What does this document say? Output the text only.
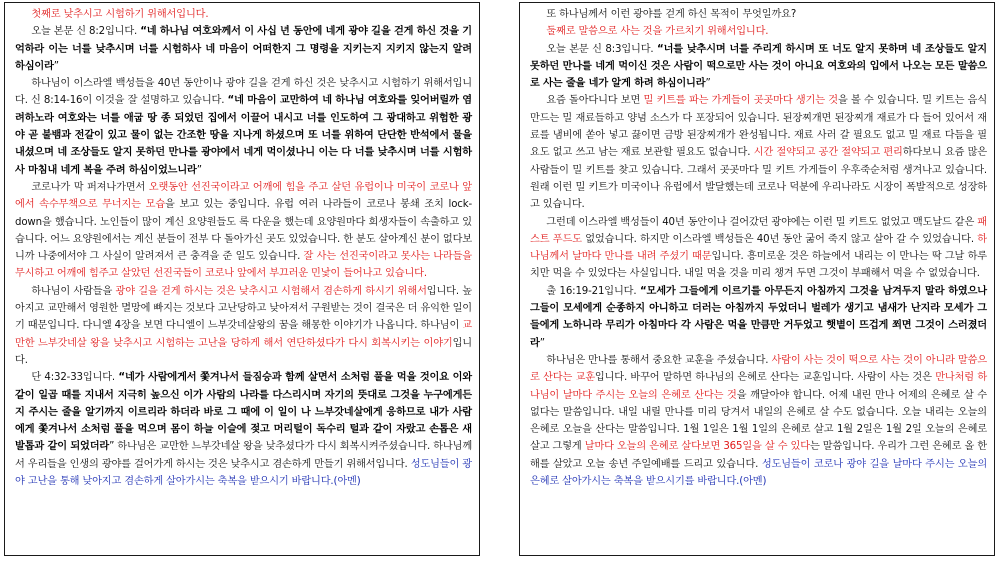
첫째로 낮추시고 시험하기 위해서입니다.

오늘 본문 신 8:2입니다. “네 하나님 여호와께서 이 사십 년 동안에 네게 광야 길을 걷게 하신 것을 기억하라 이는 너를 낮추시며 너를 시험하사 네 마음이 어떠한지 그 명령을 지키는지 지키지 않는지 알려 하심이라”

하나님이 이스라엘 백성들을 40년 동안이나 광야 길을 걷게 하신 것은 낮추시고 시험하기 위해서입니다. 신 8:14-16이 이것을 잘 설명하고 있습니다. “네 마음이 교만하여 네 하나님 여호와를 잊어버릴까 염려하노라 여호와는 너를 애굽 땅 종 되었던 집에서 이끌어 내시고 너를 인도하여 그 광대하고 위험한 광야 곧 불뱀과 전갈이 있고 물이 없는 간조한 땅을 지나게 하셨으며 또 너를 위하여 단단한 반석에서 물을 내셨으며 네 조상들도 알지 못하던 만나를 광야에서 네게 먹이셨나니 이는 다 너를 낮추시며 너를 시험하사 마침내 네게 복을 주려 하심이었느니라”

코로나가 막 퍼져나가면서 오랫동안 선진국이라고 어깨에 힘을 주고 살던 유럽이나 미국이 코로나 앞에서 속수무책으로 무너지는 모습을 보고 있는 중입니다. 유럽 여러 나라들이 코로나 봉쇄 조치 lock-down을 했습니다. 노인들이 많이 계신 요양원들도 록 다운을 했는데 요양원마다 희생자들이 속출하고 있습니다. 어느 요양원에서는 계신 분들이 전부 다 돌아가신 곳도 있었습니다. 한 분도 살아계신 분이 없다보니까 나중에서야 그 사실이 알려져서 큰 충격을 준 일도 있습니다. 잘 사는 선진국이라고 못사는 나라들을 무시하고 어깨에 힘주고 살았던 선진국들이 코로나 앞에서 부끄러운 민낯이 들어나고 있습니다.

하나님이 사람들을 광야 길을 걷게 하시는 것은 낮추시고 시험해서 겸손하게 하시기 위해서입니다. 높아지고 교만해서 영원한 멸망에 빠지는 것보다 고난당하고 낮아져서 구원받는 것이 결국은 더 유익한 일이기 때문입니다. 다니엘 4장을 보면 다니엘이 느부갓네살왕의 꿈을 해몽한 이야기가 나옵니다. 하나님이 교만한 느부갓네살 왕을 낮추시고 시험하는 고난을 당하게 해서 연단하셨다가 다시 회복시키는 이야기입니다.

단 4:32-33입니다. “네가 사람에게서 쫓겨나서 들짐승과 함께 살면서 소처럼 풀을 먹을 것이요 이와 같이 일곱 때를 지내서 지극히 높으신 이가 사람의 나라를 다스리시며 자기의 뜻대로 그것을 누구에게든지 주시는 줄을 알기까지 이르리라 하더라 바로 그 때에 이 일이 나 느부갓네살에게 응하므로 내가 사람에게 쫓겨나서 소처럼 풀을 먹으며 몸이 하늘 이슬에 젖고 머리털이 독수리 털과 같이 자랐고 손톱은 새 발톱과 같이 되었더라” 하나님은 교만한 느부갓네살 왕을 낮추셨다가 다시 회복시켜주셨습니다. 하나님께서 우리들을 인생의 광야를 걸어가게 하시는 것은 낮추시고 겸손하게 만들기 위해서입니다. 성도님들이 광야 고난을 통해 낮아지고 겸손하게 살아가시는 축복을 받으시기 바랍니다.(아멘)

또 하나님께서 이런 광야를 걷게 하신 목적이 무엇일까요?

둘째로 말씀으로 사는 것을 가르치기 위해서입니다.

오늘 본문 신 8:3입니다. “너를 낮추시며 너를 주리게 하시며 또 너도 알지 못하며 네 조상들도 알지 못하던 만나를 네게 먹이신 것은 사람이 떡으로만 사는 것이 아니요 여호와의 입에서 나오는 모든 말씀으로 사는 줄을 네가 알게 하려 하심이니라”

요즘 돌아다니다 보면 밀 키트를 파는 가게들이 곳곳마다 생기는 것을 볼 수 있습니다. 밀 키트는 음식 만드는 밀 재료들하고 양념 소스가 다 포장되어 있습니다. 된장찌개면 된장찌개 재료가 다 들어 있어서 재료를 냄비에 쏟아 넣고 끓이면 금방 된장찌개가 완성됩니다. 재료 사러 갈 필요도 없고 밀 재료 다듬을 필요도 없고 쓰고 남는 재료 보관할 필요도 없습니다. 시간 절약되고 공간 절약되고 편리하다보니 요즘 많은 사람들이 밀 키트를 찾고 있습니다. 그래서 곳곳마다 밀 키트 가게들이 우후죽순처럼 생겨나고 있습니다. 원래 이런 밀 키트가 미국이나 유럽에서 발달했는데 코로나 덕분에 우리나라도 시장이 폭발적으로 성장하고 있습니다.

그런데 이스라엘 백성들이 40년 동안이나 걸어갔던 광야에는 이런 밀 키트도 없었고 맥도날드 같은 패스트 푸드도 없었습니다. 하지만 이스라엘 백성들은 40년 동안 굶어 죽지 않고 살아 갈 수 있었습니다. 하나님께서 날마다 만나를 내려 주셨기 때문입니다. 흥미로운 것은 하늘에서 내리는 이 만나는 딱 그날 하루치만 먹을 수 있었다는 사실입니다. 내일 먹을 것을 미리 챙겨 두면 그것이 부패해서 먹을 수 없었습니다.

출 16:19-21입니다. “모세가 그들에게 이르기를 아무든지 아침까지 그것을 남겨두지 말라 하였으나 그들이 모세에게 순종하지 아니하고 더러는 아침까지 두었더니 벌레가 생기고 냄새가 난지라 모세가 그들에게 노하니라 무리가 아침마다 각 사람은 먹을 만큼만 거두었고 햇볕이 뜨겁게 쬐면 그것이 스러졌더라”

하나님은 만나를 통해서 중요한 교훈을 주셨습니다. 사람이 사는 것이 떡으로 사는 것이 아니라 말씀으로 산다는 교훈입니다. 바꾸어 말하면 하나님의 은혜로 산다는 교훈입니다. 사람이 사는 것은 만나처럼 하나님이 날마다 주시는 오늘의 은혜로 산다는 것을 깨달아야 합니다. 어제 내린 만나 어제의 은혜로 살 수 없다는 말씀입니다. 내일 내릴 만나를 미리 당겨서 내일의 은혜로 살 수도 없습니다. 오늘 내리는 오늘의 은혜로 오늘을 산다는 말씀입니다. 1월 1일은 1월 1일의 은혜로 살고 1월 2일은 1월 2일 오늘의 은혜로 살고 그렇게 날마다 오늘의 은혜로 살다보면 365일을 살 수 있다는 말씀입니다. 우리가 그런 은혜로 올 한해를 살았고 오늘 송년 주일예배를 드리고 있습니다. 성도님들이 코로나 광야 길을 날마다 주시는 오늘의 은혜로 살아가시는 축복을 받으시기를 바랍니다.(아멘)
